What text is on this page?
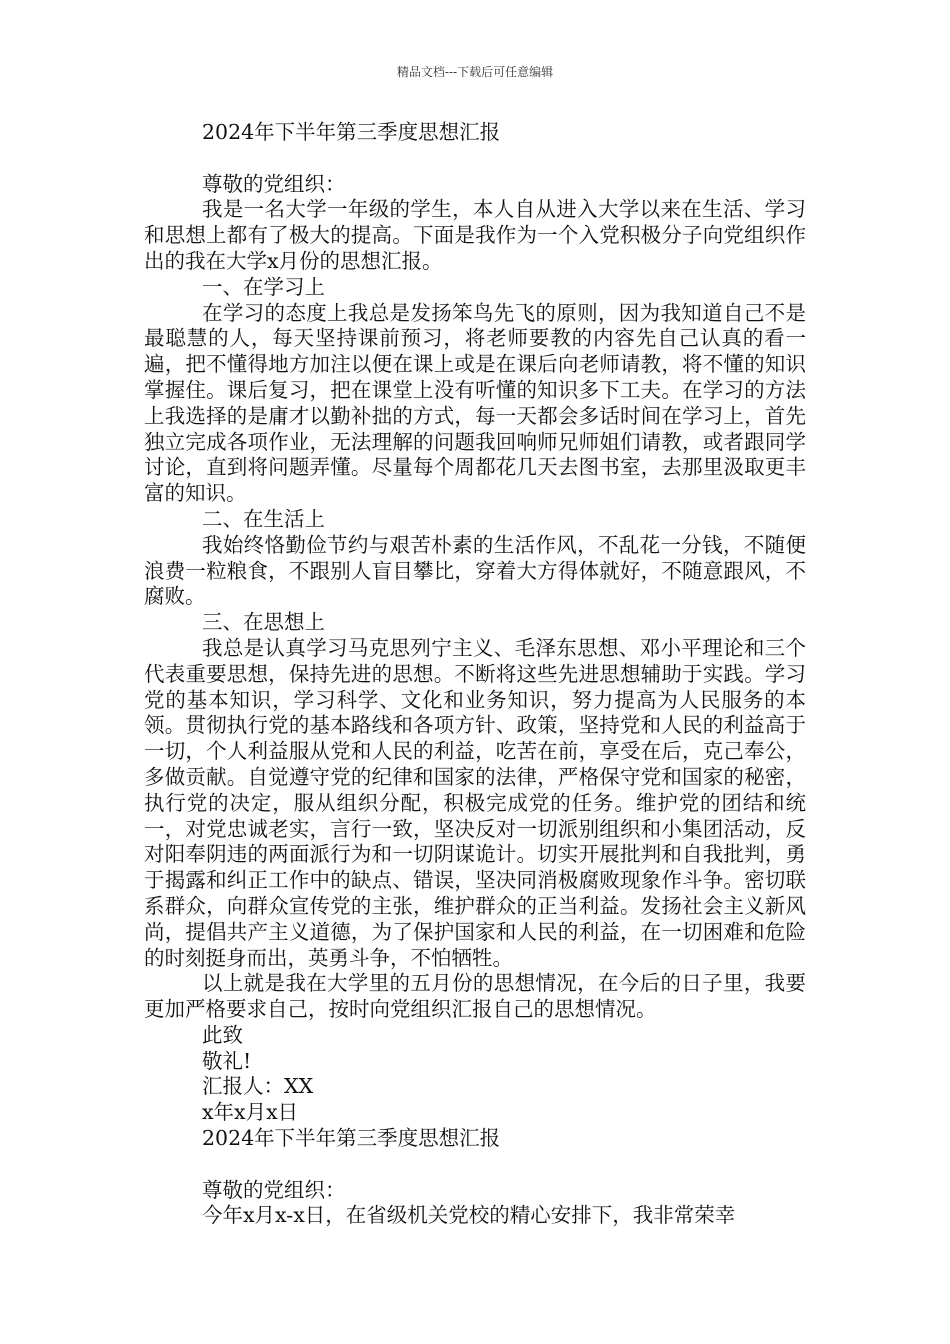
精品文档---下载后可任意编辑

2024年下半年第三季度思想汇报

尊敬的党组织：

我是一名大学一年级的学生，本人自从进入大学以来在生活、学习和思想上都有了极大的提高。下面是我作为一个入党积极分子向党组织作出的我在大学x月份的思想汇报。

一、在学习上

在学习的态度上我总是发扬笨鸟先飞的原则，因为我知道自己不是最聪慧的人，每天坚持课前预习，将老师要教的内容先自己认真的看一遍，把不懂得地方加注以便在课上或是在课后向老师请教，将不懂的知识掌握住。课后复习，把在课堂上没有听懂的知识多下工夫。在学习的方法上我选择的是庸才以勤补拙的方式，每一天都会多话时间在学习上，首先独立完成各项作业，无法理解的问题我回响师兄师姐们请教，或者跟同学讨论，直到将问题弄懂。尽量每个周都花几天去图书室，去那里汲取更丰富的知识。

二、在生活上

我始终恪勤俭节约与艰苦朴素的生活作风，不乱花一分钱，不随便浪费一粒粮食，不跟别人盲目攀比，穿着大方得体就好，不随意跟风，不腐败。

三、在思想上

我总是认真学习马克思列宁主义、毛泽东思想、邓小平理论和三个代表重要思想，保持先进的思想。不断将这些先进思想辅助于实践。学习党的基本知识，学习科学、文化和业务知识，努力提高为人民服务的本领。贯彻执行党的基本路线和各项方针、政策，坚持党和人民的利益高于一切，个人利益服从党和人民的利益，吃苦在前，享受在后，克己奉公，多做贡献。自觉遵守党的纪律和国家的法律，严格保守党和国家的秘密，执行党的决定，服从组织分配，积极完成党的任务。维护党的团结和统一，对党忠诚老实，言行一致，坚决反对一切派别组织和小集团活动，反对阳奉阴违的两面派行为和一切阴谋诡计。切实开展批判和自我批判，勇于揭露和纠正工作中的缺点、错误，坚决同消极腐败现象作斗争。密切联系群众，向群众宣传党的主张，维护群众的正当利益。发扬社会主义新风尚，提倡共产主义道德，为了保护国家和人民的利益，在一切困难和危险的时刻挺身而出，英勇斗争，不怕牺牲。

以上就是我在大学里的五月份的思想情况，在今后的日子里，我要更加严格要求自己，按时向党组织汇报自己的思想情况。

此致

敬礼!

汇报人：XX

x年x月x日

2024年下半年第三季度思想汇报

尊敬的党组织：

今年x月x-x日，在省级机关党校的精心安排下，我非常荣幸
